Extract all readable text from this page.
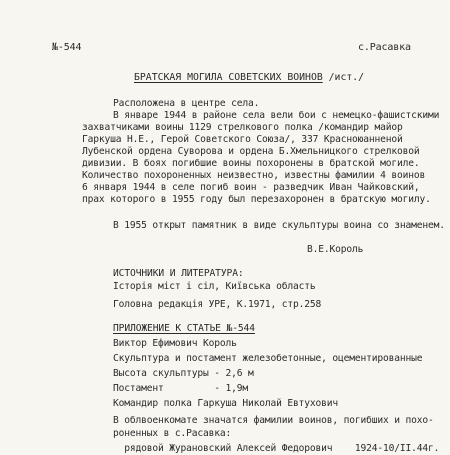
№-544	с.Расавка
БРАТСКАЯ МОГИЛА СОВЕТСКИХ ВОИНОВ /ист./
Расположена в центре села.
В январе 1944 в районе села вели бои с немецко-фашистскими
захватчиками воины 1129 стрелкового полка /командир майор
Гаркуша Н.Е., Герой Советского Союза/, 337 Красноюанненой
Лубенской ордена Суворова и ордена Б.Хмельницкого стрелковой
дивизии. В боях погибшие воины похоронены в братской могиле.
Количество похороненных неизвестно, известны фамилии 4 воинов
6 января 1944 в селе погиб воин - разведчик Иван Чайковский,
прах которого в 1955 году был перезахоронен в братскую могилу.
В 1955 открыт памятник в виде скульптуры воина со знаменем.
В.Е.Король
ИСТОЧНИКИ И ЛИТЕРАТУРА:
Історія міст і сіл, Київська область
Головна редакція УРЕ, К.1971, стр.258
ПРИЛОЖЕНИЕ К СТАТЬЕ №-544
Виктор Ефимович Король
Скульптура и постамент железобетонные, оцементированные
Высота скульптуры - 2,6 м
Постамент         - 1,9м
Командир полка Гаркуша Николай Евтухович
В облвоенкомате значатся фамилии воинов, погибших и похо-
роненных в с.Расавка:
рядовой Журановский Алексей Федорович    1924-10/II.44г.
